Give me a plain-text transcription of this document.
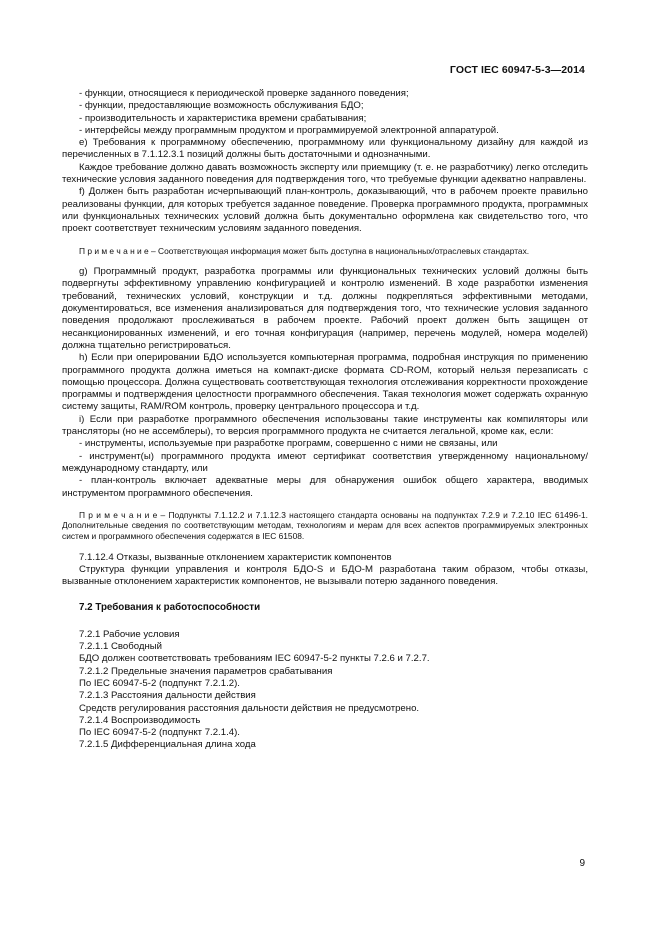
ГОСТ IEC 60947-5-3—2014

- функции, относящиеся к периодической проверке заданного поведения;

- функции, предоставляющие возможность обслуживания БДО;

- производительность и характеристика времени срабатывания;

- интерфейсы между программным продуктом и программируемой электронной аппаратурой.

e) Требования к программному обеспечению, программному или функциональному дизайну для каждой из перечисленных в 7.1.12.3.1 позиций должны быть достаточными и однозначными.

Каждое требование должно давать возможность эксперту или приемщику (т. е. не разработчику) легко отследить технические условия заданного поведения для подтверждения того, что требуемые функции адекватно направлены.

f) Должен быть разработан исчерпывающий план-контроль, доказывающий, что в рабочем проекте правильно реализованы функции, для которых требуется заданное поведение. Проверка программного продукта, программных или функциональных технических условий должна быть документально оформлена как свидетельство того, что проект соответствует техническим условиям заданного поведения.

П р и м е ч а н и е – Соответствующая информация может быть доступна в национальных/отраслевых стандартах.

g) Программный продукт, разработка программы или функциональных технических условий должны быть подвергнуты эффективному управлению конфигурацией и контролю изменений. В ходе разработки изменения требований, технических условий, конструкции и т.д. должны подкрепляться эффективными методами, документироваться, все изменения анализироваться для подтверждения того, что технические условия заданного поведения продолжают прослеживаться в рабочем проекте. Рабочий проект должен быть защищен от несанкционированных изменений, и его точная конфигурация (например, перечень модулей, номера моделей) должна тщательно регистрироваться.

h) Если при оперировании БДО используется компьютерная программа, подробная инструкция по применению программного продукта должна иметься на компакт-диске формата CD-ROM, который нельзя перезаписать с помощью процессора. Должна существовать соответствующая технология отслеживания корректности прохождение программы и подтверждения целостности программного обеспечения. Такая технология может содержать охранную систему защиты, RAM/ROM контроль, проверку центрального процессора и т.д.

i) Если при разработке программного обеспечения использованы такие инструменты как компиляторы или трансляторы (но не ассемблеры), то версия программного продукта не считается легальной, кроме как, если:

- инструменты, используемые при разработке программ, совершенно с ними не связаны, или

- инструмент(ы) программного продукта имеют сертификат соответствия утвержденному национальному/международному стандарту, или

- план-контроль включает адекватные меры для обнаружения ошибок общего характера, вводимых инструментом программного обеспечения.

П р и м е ч а н и е – Подпункты 7.1.12.2 и 7.1.12.3 настоящего стандарта основаны на подпунктах 7.2.9 и 7.2.10 IEC 61496-1. Дополнительные сведения по соответствующим методам, технологиям и мерам для всех аспектов программируемых электронных систем и программного обеспечения содержатся в IEC 61508.

7.1.12.4 Отказы, вызванные отклонением характеристик компонентов

Структура функции управления и контроля БДО-S и БДО-M разработана таким образом, чтобы отказы, вызванные отклонением характеристик компонентов, не вызывали потерю заданного поведения.

7.2 Требования к работоспособности

7.2.1 Рабочие условия

7.2.1.1 Свободный

БДО должен соответствовать требованиям IEC 60947-5-2 пункты 7.2.6 и 7.2.7.

7.2.1.2 Предельные значения параметров срабатывания

По IEC 60947-5-2 (подпункт 7.2.1.2).

7.2.1.3 Расстояния дальности действия

Средств регулирования расстояния дальности действия не предусмотрено.

7.2.1.4 Воспроизводимость

По IEC 60947-5-2 (подпункт 7.2.1.4).

7.2.1.5 Дифференциальная длина хода

9
